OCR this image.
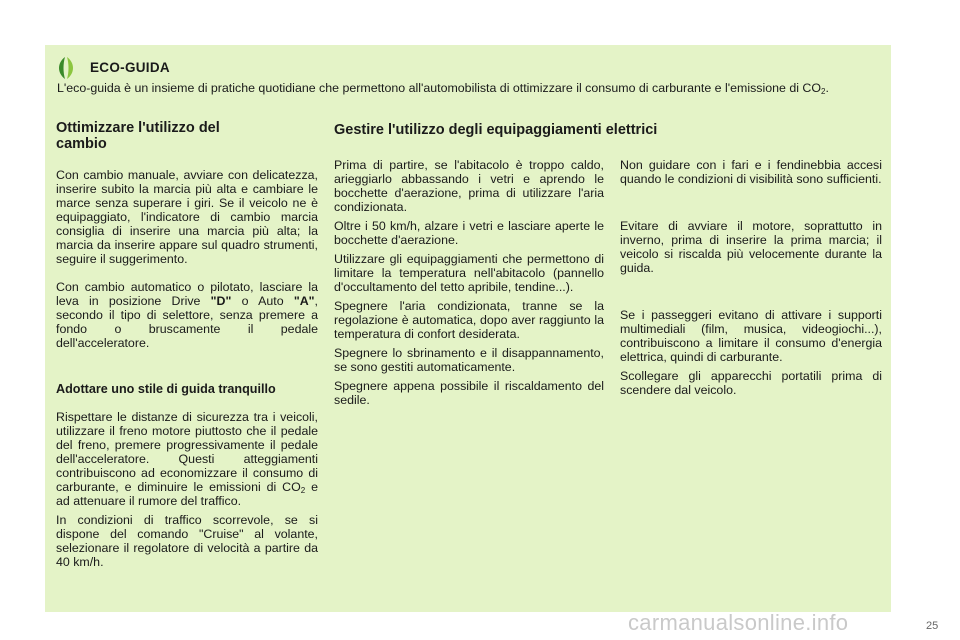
ECO-GUIDA
L'eco-guida è un insieme di pratiche quotidiane che permettono all'automobilista di ottimizzare il consumo di carburante e l'emissione di $CO_2$.
Ottimizzare l'utilizzo del cambio

Con cambio manuale, avviare con delicatezza, inserire subito la marcia più alta e cambiare le marce senza superare i giri. Se il veicolo ne è equipaggiato, l'indicatore di cambio marcia consiglia di inserire una marcia più alta; la marcia da inserire appare sul quadro strumenti, seguire il suggerimento.

Con cambio automatico o pilotato, lasciare la leva in posizione Drive "D" o Auto "A", secondo il tipo di selettore, senza premere a fondo o bruscamente il pedale dell'acceleratore.

Adottare uno stile di guida tranquillo

Rispettare le distanze di sicurezza tra i veicoli, utilizzare il freno motore piuttosto che il pedale del freno, premere progressivamente il pedale dell'acceleratore. Questi atteggiamenti contribuiscono ad economizzare il consumo di carburante, e diminuire le emissioni di $CO_2$ e ad attenuare il rumore del traffico.

In condizioni di traffico scorrevole, se si dispone del comando "Cruise" al volante, selezionare il regolatore di velocità a partire da 40 km/h.

Gestire l'utilizzo degli equipaggiamenti elettrici

Prima di partire, se l'abitacolo è troppo caldo, arieggiarlo abbassando i vetri e aprendo le bocchette d'aerazione, prima di utilizzare l'aria condizionata.

Oltre i 50 km/h, alzare i vetri e lasciare aperte le bocchette d'aerazione.

Utilizzare gli equipaggiamenti che permettono di limitare la temperatura nell'abitacolo (pannello d'occultamento del tetto apribile, tendine...).

Spegnere l'aria condizionata, tranne se la regolazione è automatica, dopo aver raggiunto la temperatura di confort desiderata.

Spegnere lo sbrinamento e il disappannamento, se sono gestiti automaticamente.

Spegnere appena possibile il riscaldamento del sedile.

Non guidare con i fari e i fendinebbia accesi quando le condizioni di visibilità sono sufficienti.

Evitare di avviare il motore, soprattutto in inverno, prima di inserire la prima marcia; il veicolo si riscalda più velocemente durante la guida.

Se i passeggeri evitano di attivare i supporti multimediali (film, musica, videogiochi...), contribuiscono a limitare il consumo d'energia elettrica, quindi di carburante.

Scollegare gli apparecchi portatili prima di scendere dal veicolo.

carmanualsonline.info	25
